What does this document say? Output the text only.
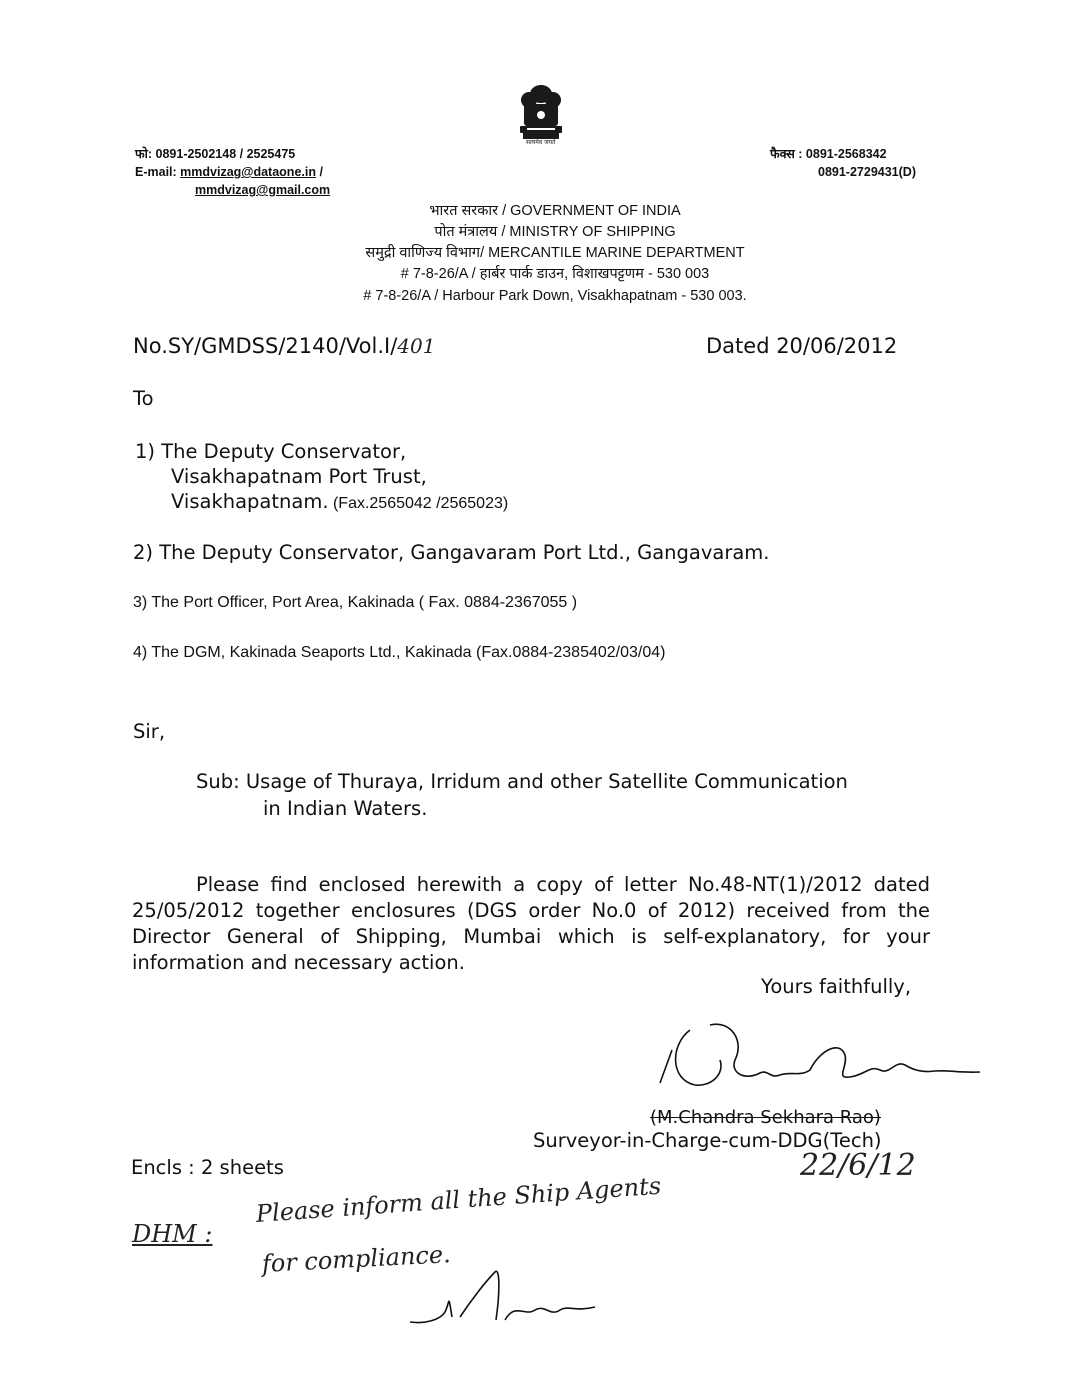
सत्यमेव जयते
फो: 0891-2502148 / 2525475
E-mail: mmdvizag@dataone.in /
mmdvizag@gmail.com
फैक्स : 0891-2568342
0891-2729431(D)
भारत सरकार / GOVERNMENT OF INDIA
पोत मंत्रालय / MINISTRY OF SHIPPING
समुद्री वाणिज्य विभाग/ MERCANTILE MARINE DEPARTMENT
# 7-8-26/A / हार्बर पार्क डाउन, विशाखपट्टणम - 530 003
# 7-8-26/A / Harbour Park Down, Visakhapatnam - 530 003.
No.SY/GMDSS/2140/Vol.I/401	Dated 20/06/2012
To
1) The Deputy Conservator,
Visakhapatnam Port Trust,
Visakhapatnam. (Fax.2565042 /2565023)
2) The Deputy Conservator, Gangavaram Port Ltd., Gangavaram.
3) The Port Officer, Port Area, Kakinada ( Fax. 0884-2367055 )
4) The DGM, Kakinada Seaports Ltd., Kakinada (Fax.0884-2385402/03/04)
Sir,
Sub: Usage of Thuraya, Irridum and other Satellite Communication
in Indian Waters.
Please find enclosed herewith a copy of letter No.48-NT(1)/2012 dated 25/05/2012 together enclosures (DGS order No.0 of 2012) received from the Director General of Shipping, Mumbai which is self-explanatory, for your information and necessary action.
Yours faithfully,
(M.Chandra Sekhara Rao)
Surveyor-in-Charge-cum-DDG(Tech)
22/6/12
Encls : 2 sheets
DHM :
Please inform all the Ship Agents
for compliance.
